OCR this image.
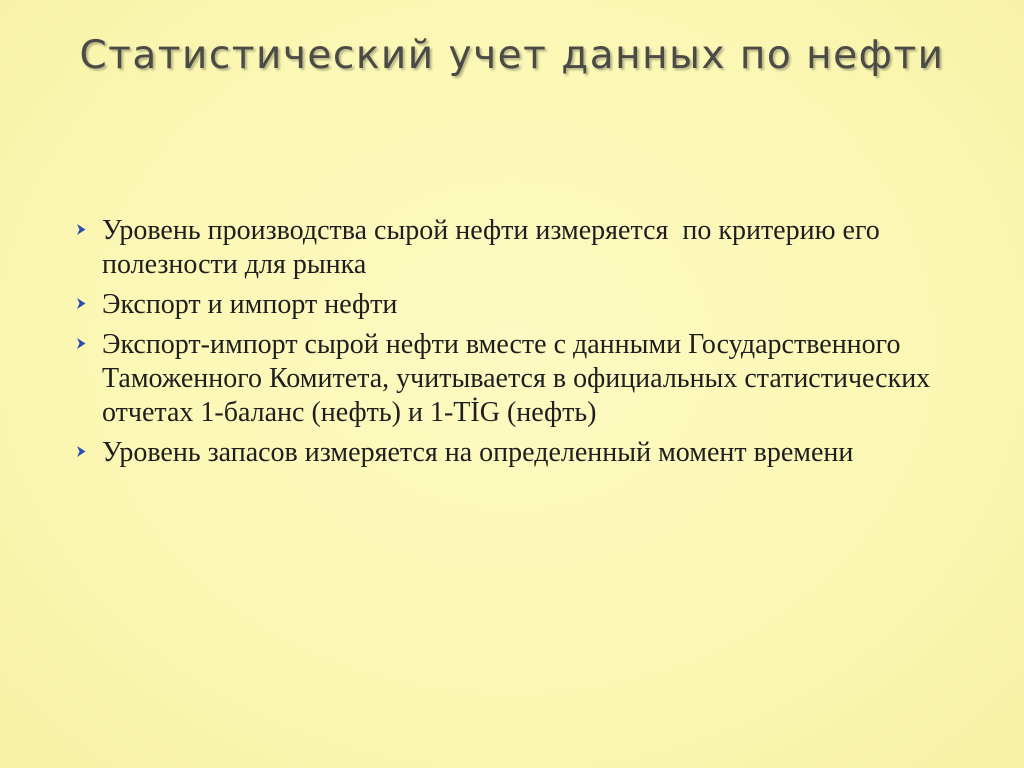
Статистический учет данных по нефти
Уровень производства сырой нефти измеряется  по критерию его полезности для рынка
Экспорт и импорт нефти
Экспорт-импорт сырой нефти вместе с данными Государственного Таможенного Комитета, учитывается в официальных статистических отчетах 1-баланс (нефть) и 1-TİG (нефть)
Уровень запасов измеряется на определенный момент времени
